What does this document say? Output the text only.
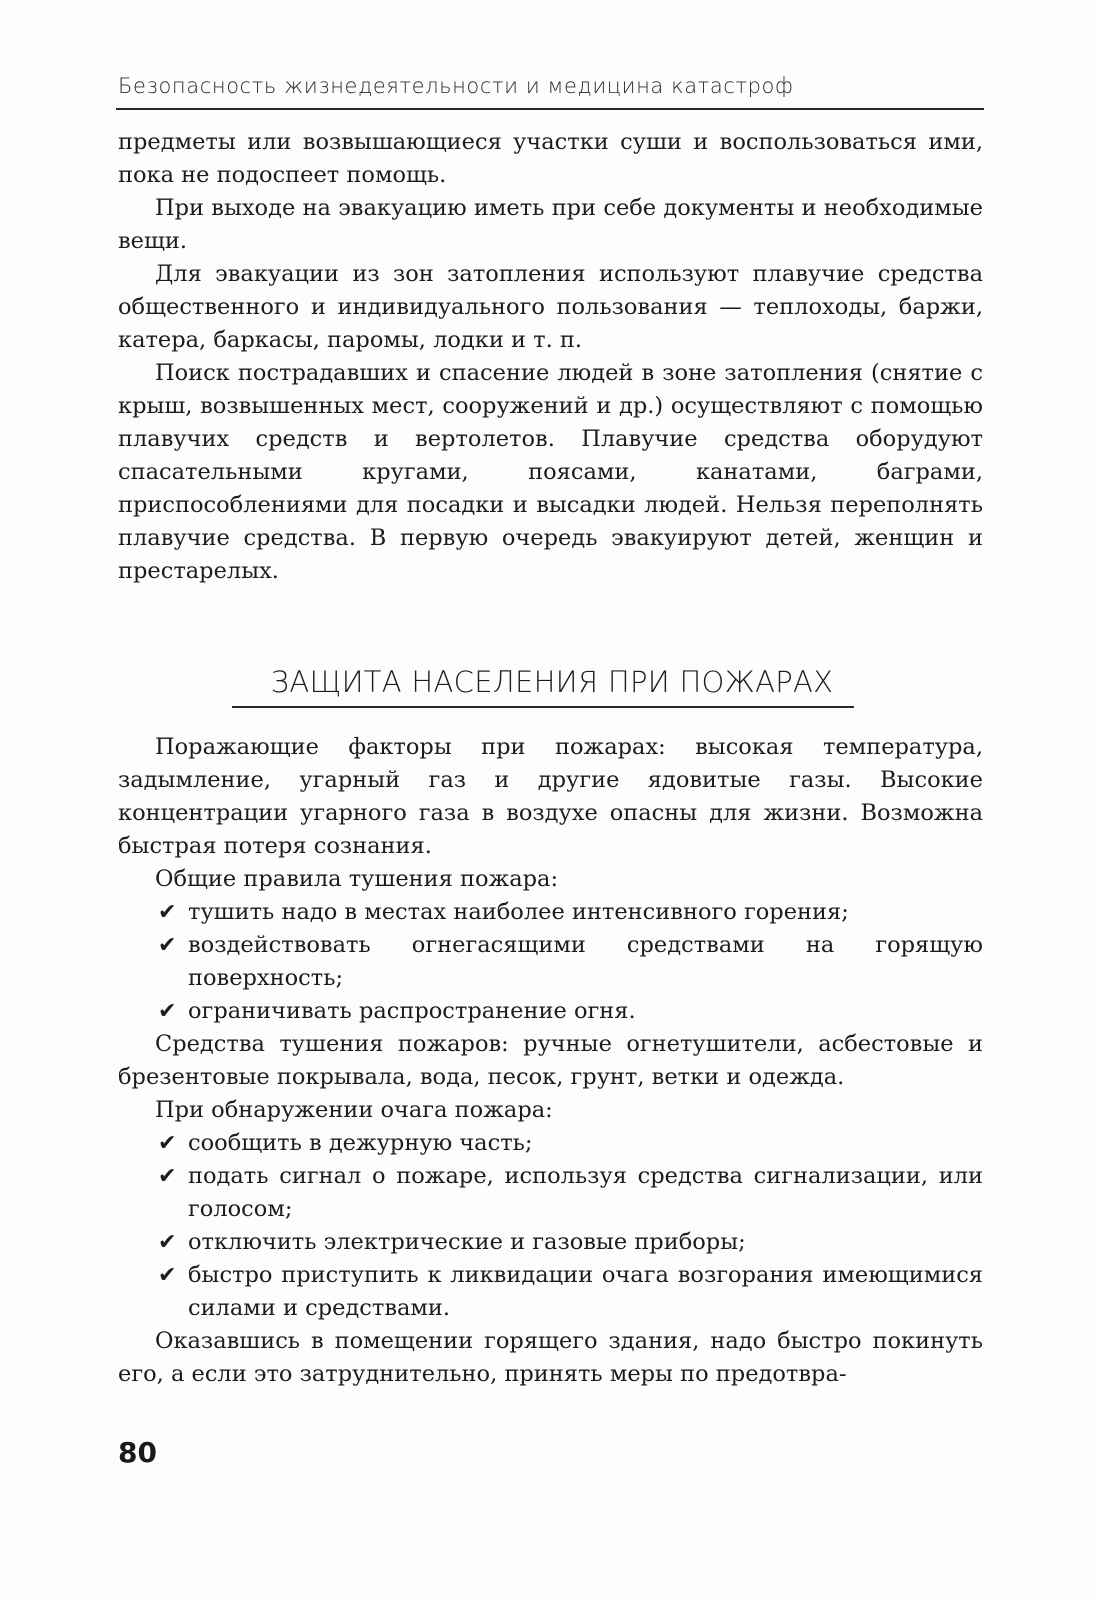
Безопасность жизнедеятельности и медицина катастроф

предметы или возвышающиеся участки суши и воспользоваться ими, пока не подоспеет помощь.

При выходе на эвакуацию иметь при себе документы и необходимые вещи.

Для эвакуации из зон затопления используют плавучие средства общественного и индивидуального пользования — теплоходы, баржи, катера, баркасы, паромы, лодки и т. п.

Поиск пострадавших и спасение людей в зоне затопления (снятие с крыш, возвышенных мест, сооружений и др.) осуществляют с помощью плавучих средств и вертолетов. Плавучие средства оборудуют спасательными кругами, поясами, канатами, баграми, приспособлениями для посадки и высадки людей. Нельзя переполнять плавучие средства. В первую очередь эвакуируют детей, женщин и престарелых.

ЗАЩИТА НАСЕЛЕНИЯ ПРИ ПОЖАРАХ

Поражающие факторы при пожарах: высокая температура, задымление, угарный газ и другие ядовитые газы. Высокие концентрации угарного газа в воздухе опасны для жизни. Возможна быстрая потеря сознания.

Общие правила тушения пожара:

✔ тушить надо в местах наиболее интенсивного горения;
✔ воздействовать огнегасящими средствами на горящую поверхность;
✔ ограничивать распространение огня.

Средства тушения пожаров: ручные огнетушители, асбестовые и брезентовые покрывала, вода, песок, грунт, ветки и одежда.

При обнаружении очага пожара:

✔ сообщить в дежурную часть;
✔ подать сигнал о пожаре, используя средства сигнализации, или голосом;
✔ отключить электрические и газовые приборы;
✔ быстро приступить к ликвидации очага возгорания имеющимися силами и средствами.

Оказавшись в помещении горящего здания, надо быстро покинуть его, а если это затруднительно, принять меры по предотвра-

80
